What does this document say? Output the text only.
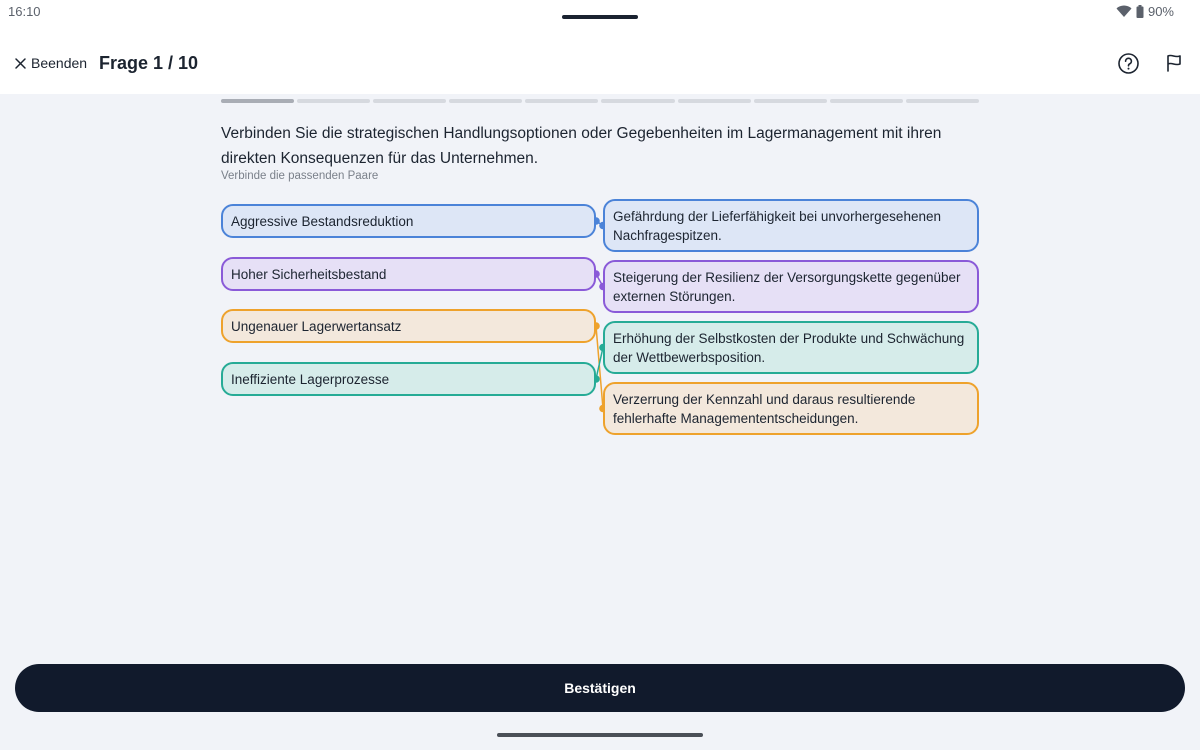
16:10	90%
Beenden Frage 1 / 10
Verbinden Sie die strategischen Handlungsoptionen oder Gegebenheiten im Lagermanagement mit ihren direkten Konsequenzen für das Unternehmen.
Verbinde die passenden Paare
Aggressive Bestandsreduktion
Hoher Sicherheitsbestand
Ungenauer Lagerwertansatz
Ineffiziente Lagerprozesse
Gefährdung der Lieferfähigkeit bei unvorhergesehenen Nachfragespitzen.
Steigerung der Resilienz der Versorgungskette gegenüber externen Störungen.
Erhöhung der Selbstkosten der Produkte und Schwächung der Wettbewerbsposition.
Verzerrung der Kennzahl und daraus resultierende fehlerhafte Managemententscheidungen.
Bestätigen
